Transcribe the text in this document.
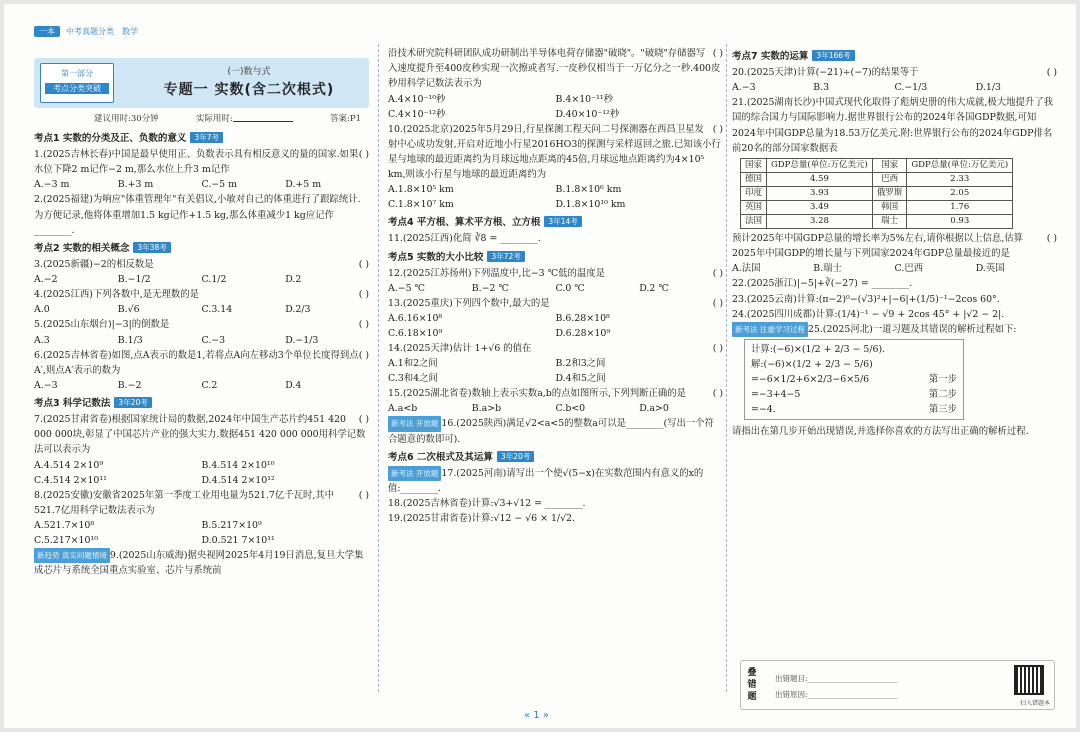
一本 中考真题分类 数学
第一部分
考点分类突破
(一)数与式
专题一 实数(含二次根式)
建议用时:30分钟	实际用时:	答案:P1
考点1 实数的分类及正、负数的意义 3年7考
( )
1.(2025吉林长春)中国是最早使用正、负数表示具有相反意义的量的国家.如果水位下降2 m记作−2 m,那么水位上升3 m记作
A.−3 m	B.+3 m	C.−5 m	D.+5 m
2.(2025福建)为响应"体重管理年"有关倡议,小敏对自己的体重进行了跟踪统计.为方便记录,他将体重增加1.5 kg记作+1.5 kg,那么体重减少1 kg应记作________.
考点2 实数的相关概念 3年38考
( )
3.(2025新疆)−2的相反数是
A.−2	B.−1/2	C.1/2	D.2
( )
4.(2025江西)下列各数中,是无理数的是
A.0	B.√6	C.3.14	D.2/3
( )
5.(2025山东烟台)|−3|的倒数是
A.3	B.1/3	C.−3	D.−1/3
( )
6.(2025吉林省卷)如图,点A表示的数是1,若将点A向左移动3个单位长度得到点A′,则点A′表示的数为
A.−3	B.−2	C.2	D.4
考点3 科学记数法 3年20考
( )
7.(2025甘肃省卷)根据国家统计局的数据,2024年中国生产芯片约451 420 000 000块,彰显了中国芯片产业的强大实力.数据451 420 000 000用科学记数法可以表示为
A.4.514 2×10⁹	B.4.514 2×10¹⁰
C.4.514 2×10¹¹	D.4.514 2×10¹²
( )
8.(2025安徽)安徽省2025年第一季度工业用电量为521.7亿千瓦时,其中521.7亿用科学记数法表示为
A.521.7×10⁸	B.5.217×10⁹
C.5.217×10¹⁰	D.0.521 7×10¹¹
新趋势 真实问题情境 9.(2025山东威海)据央视网2025年4月19日消息,复旦大学集成芯片与系统全国重点实验室、芯片与系统前
( )
沿技术研究院科研团队成功研制出半导体电荷存储器"破晓"。"破晓"存储器写入速度提升至400皮秒实现一次擦或者写.一皮秒仅相当于一万亿分之一秒.400皮秒用科学记数法表示为
A.4×10⁻¹⁰秒	B.4×10⁻¹¹秒
C.4×10⁻¹²秒	D.40×10⁻¹²秒
( )
10.(2025北京)2025年5月29日,行星探测工程天问二号探测器在西昌卫星发射中心成功发射,开启对近地小行星2016HO3的探测与采样返回之旅.已知该小行星与地球的最近距离约为月球远地点距离的45倍,月球远地点距离约为4×10⁵ km,则该小行星与地球的最近距离约为
A.1.8×10⁵ km	B.1.8×10⁶ km
C.1.8×10⁷ km	D.1.8×10¹⁰ km
考点4 平方根、算术平方根、立方根 3年14考
11.(2025江西)化简 ∛8 = ________.
考点5 实数的大小比较 3年72考
( )
12.(2025江苏扬州)下列温度中,比−3 ℃低的温度是
A.−5 ℃	B.−2 ℃	C.0 ℃	D.2 ℃
( )
13.(2025重庆)下列四个数中,最大的是
A.6.16×10⁸	B.6.28×10⁸
C.6.18×10⁹	D.6.28×10⁹
( )
14.(2025天津)估计 1+√6 的值在
A.1和2之间	B.2和3之间
C.3和4之间	D.4和5之间
( )
15.(2025湖北省卷)数轴上表示实数a,b的点如图所示,下列判断正确的是
A.a<b	B.a>b	C.b<0	D.a>0
新考法 开放题 16.(2025陕西)满足√2<a<5的整数a可以是________(写出一个符合题意的数即可).
考点6 二次根式及其运算 3年20考
新考法 开放题 17.(2025河南)请写出一个使√(5−x)在实数范围内有意义的x的值:________.
18.(2025吉林省卷)计算:√3+√12 = ________.
19.(2025甘肃省卷)计算:√12 − √6 × 1/√2.
考点7 实数的运算 3年166考
( )
20.(2025天津)计算(−21)÷(−7)的结果等于
A.−3	B.3	C.−1/3	D.1/3
21.(2025湖南长沙)中国式现代化取得了彪炳史册的伟大成就,极大地提升了我国的综合国力与国际影响力.据世界银行公布的2024年各国GDP数据,可知2024年中国GDP总量为18.53万亿美元.附:世界银行公布的2024年GDP排名前20名的部分国家数据表
国家	GDP总量(单位:万亿美元)	国家	GDP总量(单位:万亿美元)
德国	4.59	巴西	2.33
印度	3.93	俄罗斯	2.05
英国	3.49	韩国	1.76
法国	3.28	瑞士	0.93
( )
预计2025年中国GDP总量的增长率为5%左右,请你根据以上信息,估算2025年中国GDP的增长量与下列国家2024年GDP总量最接近的是
A.法国	B.瑞士	C.巴西	D.英国
22.(2025浙江)|−5|+∛(−27) = ________.
23.(2025云南)计算:(π−2)⁰−(√3)²+|−6|+(1/5)⁻¹−2cos 60°.
24.(2025四川成都)计算:(1/4)⁻¹ − √9 + 2cos 45° + |√2 − 2|.
新考法 注重学习过程 25.(2025河北)一道习题及其错误的解析过程如下:
计算:(−6)×(1/2 + 2/3 − 5/6).
解:(−6)×(1/2 + 2/3 − 5/6)
=−6×1/2+6×2/3−6×5/6	第一步
=−3+4−5	第二步
=−4.	第三步
请指出在第几步开始出现错误,并选择你喜欢的方法写出正确的解析过程.
叠错题
出错题目:________________________
出错原因:________________________
扫入错题本
« 1 »
